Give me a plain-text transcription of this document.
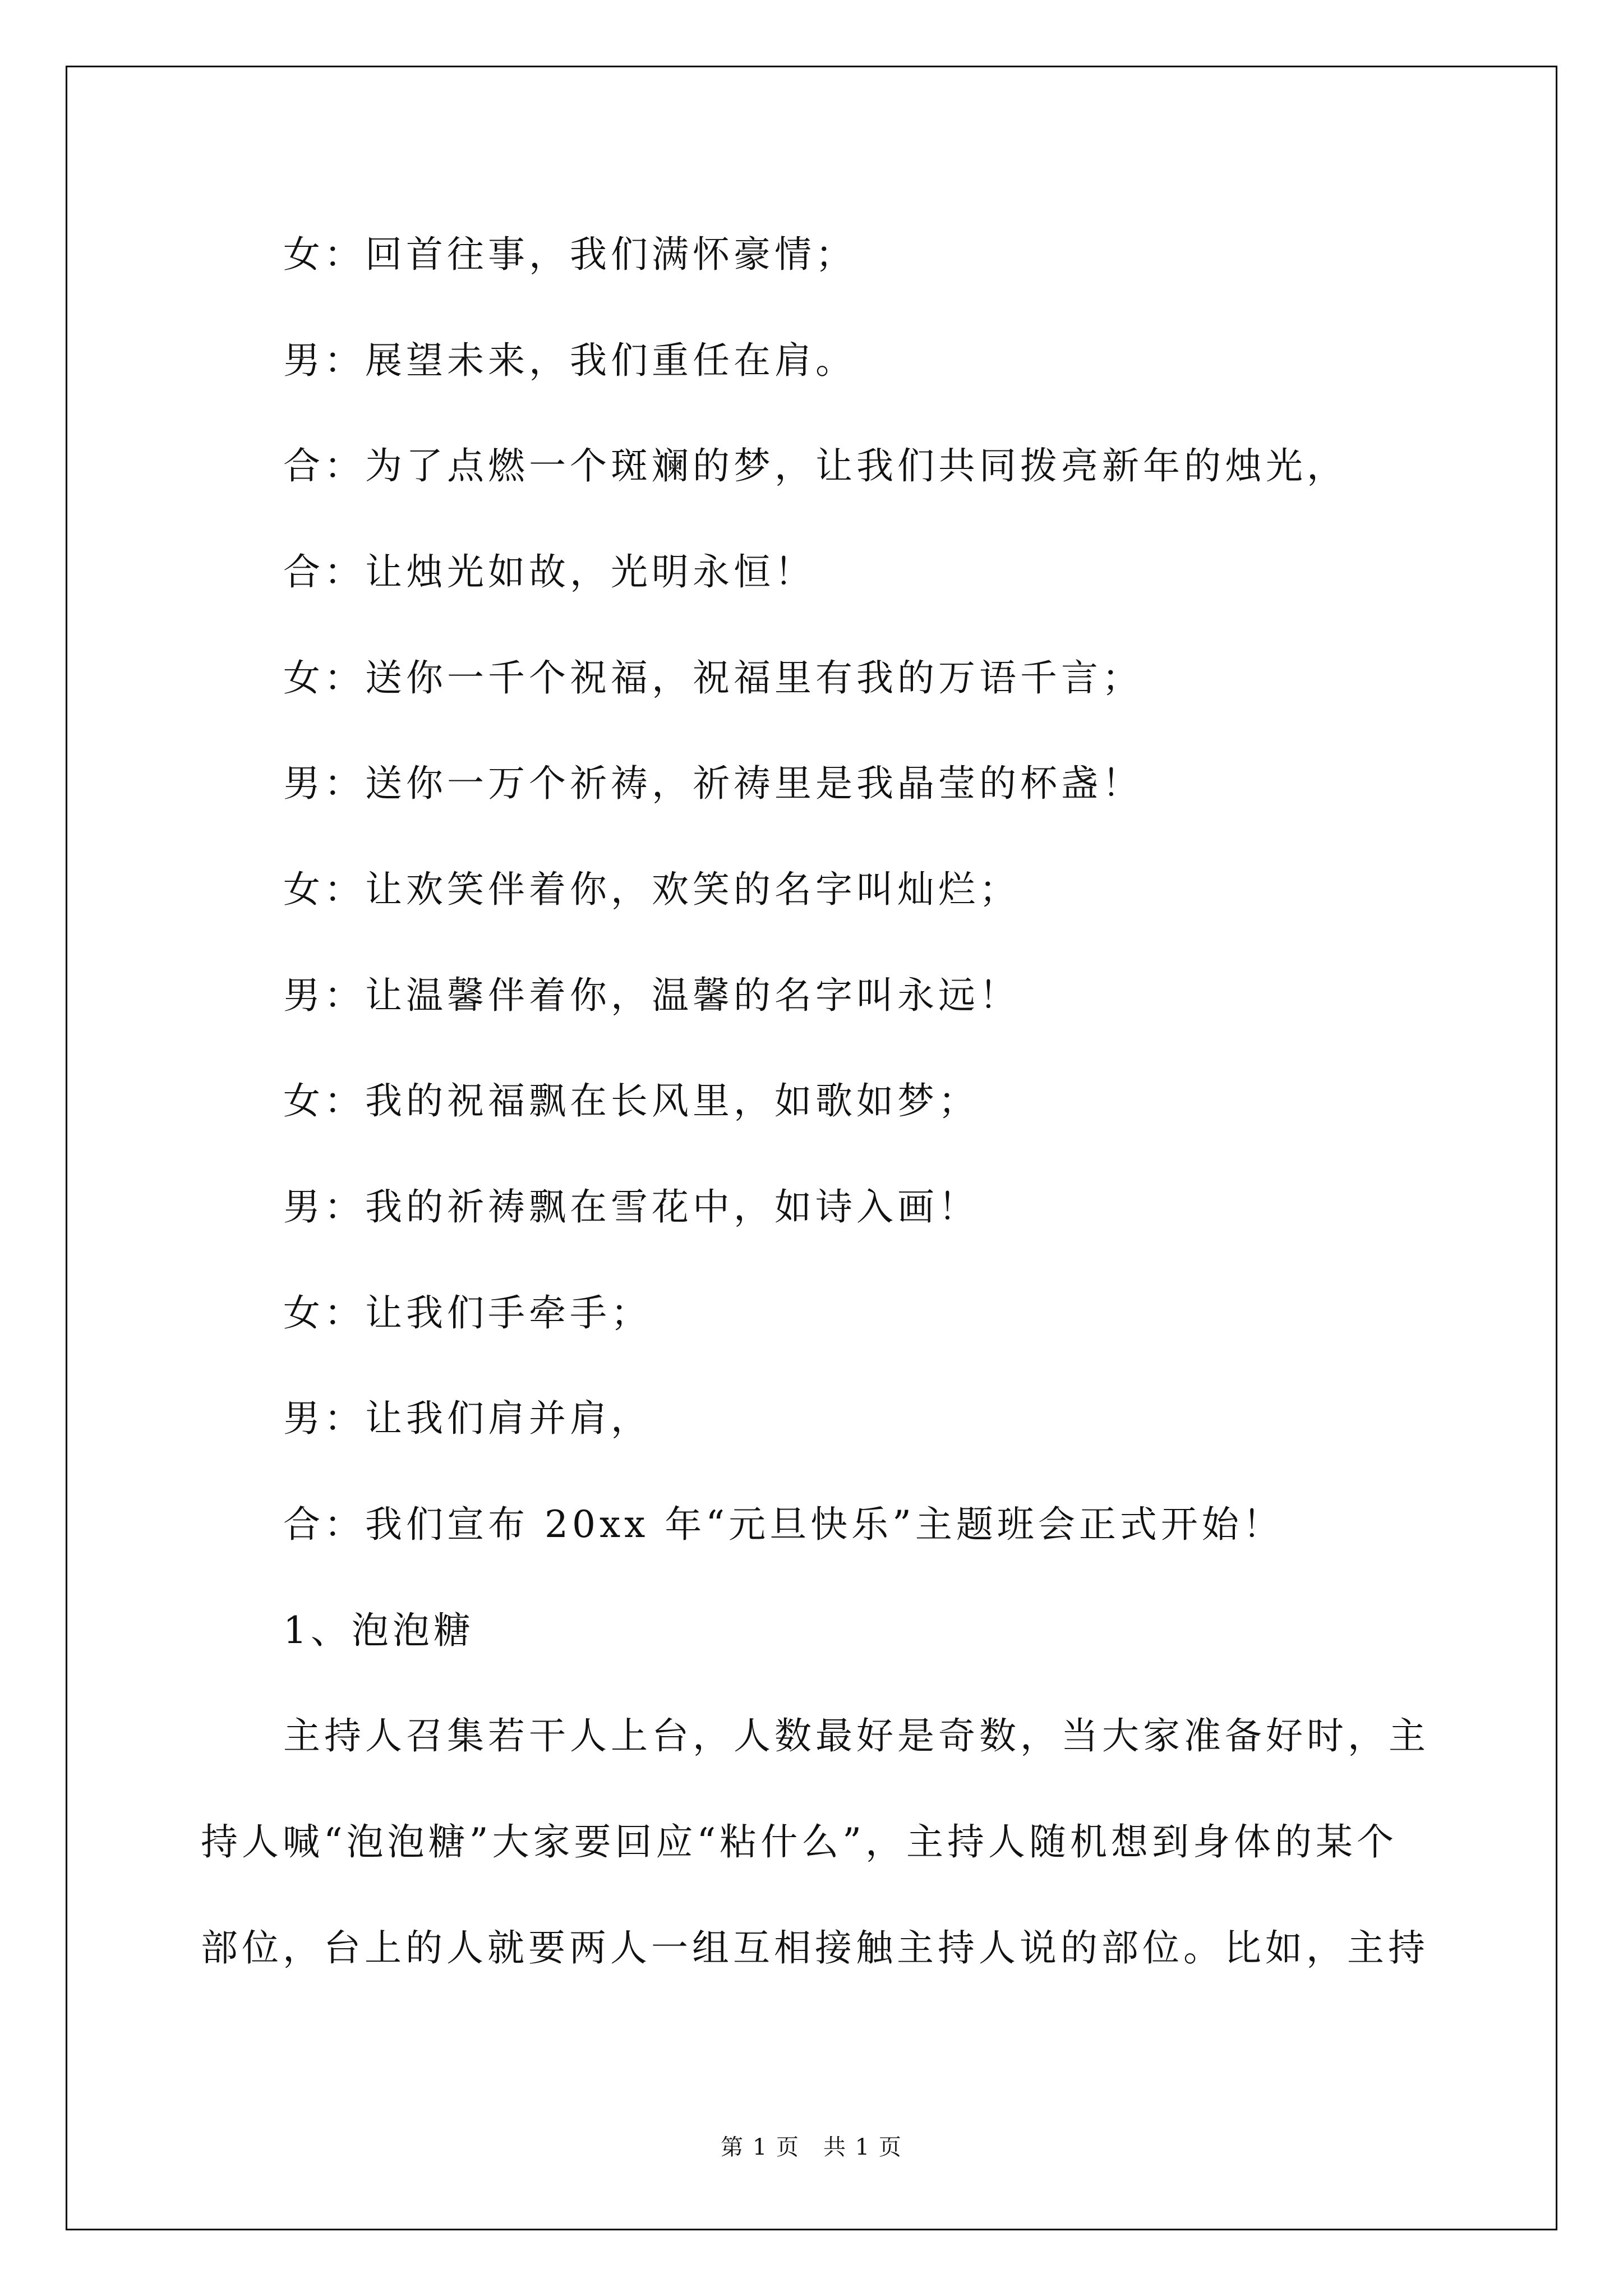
女：回首往事，我们满怀豪情；
男：展望未来，我们重任在肩。
合：为了点燃一个斑斓的梦，让我们共同拨亮新年的烛光，
合：让烛光如故，光明永恒！
女：送你一千个祝福，祝福里有我的万语千言；
男：送你一万个祈祷，祈祷里是我晶莹的杯盏！
女：让欢笑伴着你，欢笑的名字叫灿烂；
男：让温馨伴着你，温馨的名字叫永远！
女：我的祝福飘在长风里，如歌如梦；
男：我的祈祷飘在雪花中，如诗入画！
女：让我们手牵手；
男：让我们肩并肩，
合：我们宣布 20xx 年“元旦快乐”主题班会正式开始！
1、泡泡糖
主持人召集若干人上台，人数最好是奇数，当大家准备好时，主
持人喊“泡泡糖”大家要回应“粘什么”，主持人随机想到身体的某个
部位，台上的人就要两人一组互相接触主持人说的部位。比如，主持
第 1 页　共 1 页
